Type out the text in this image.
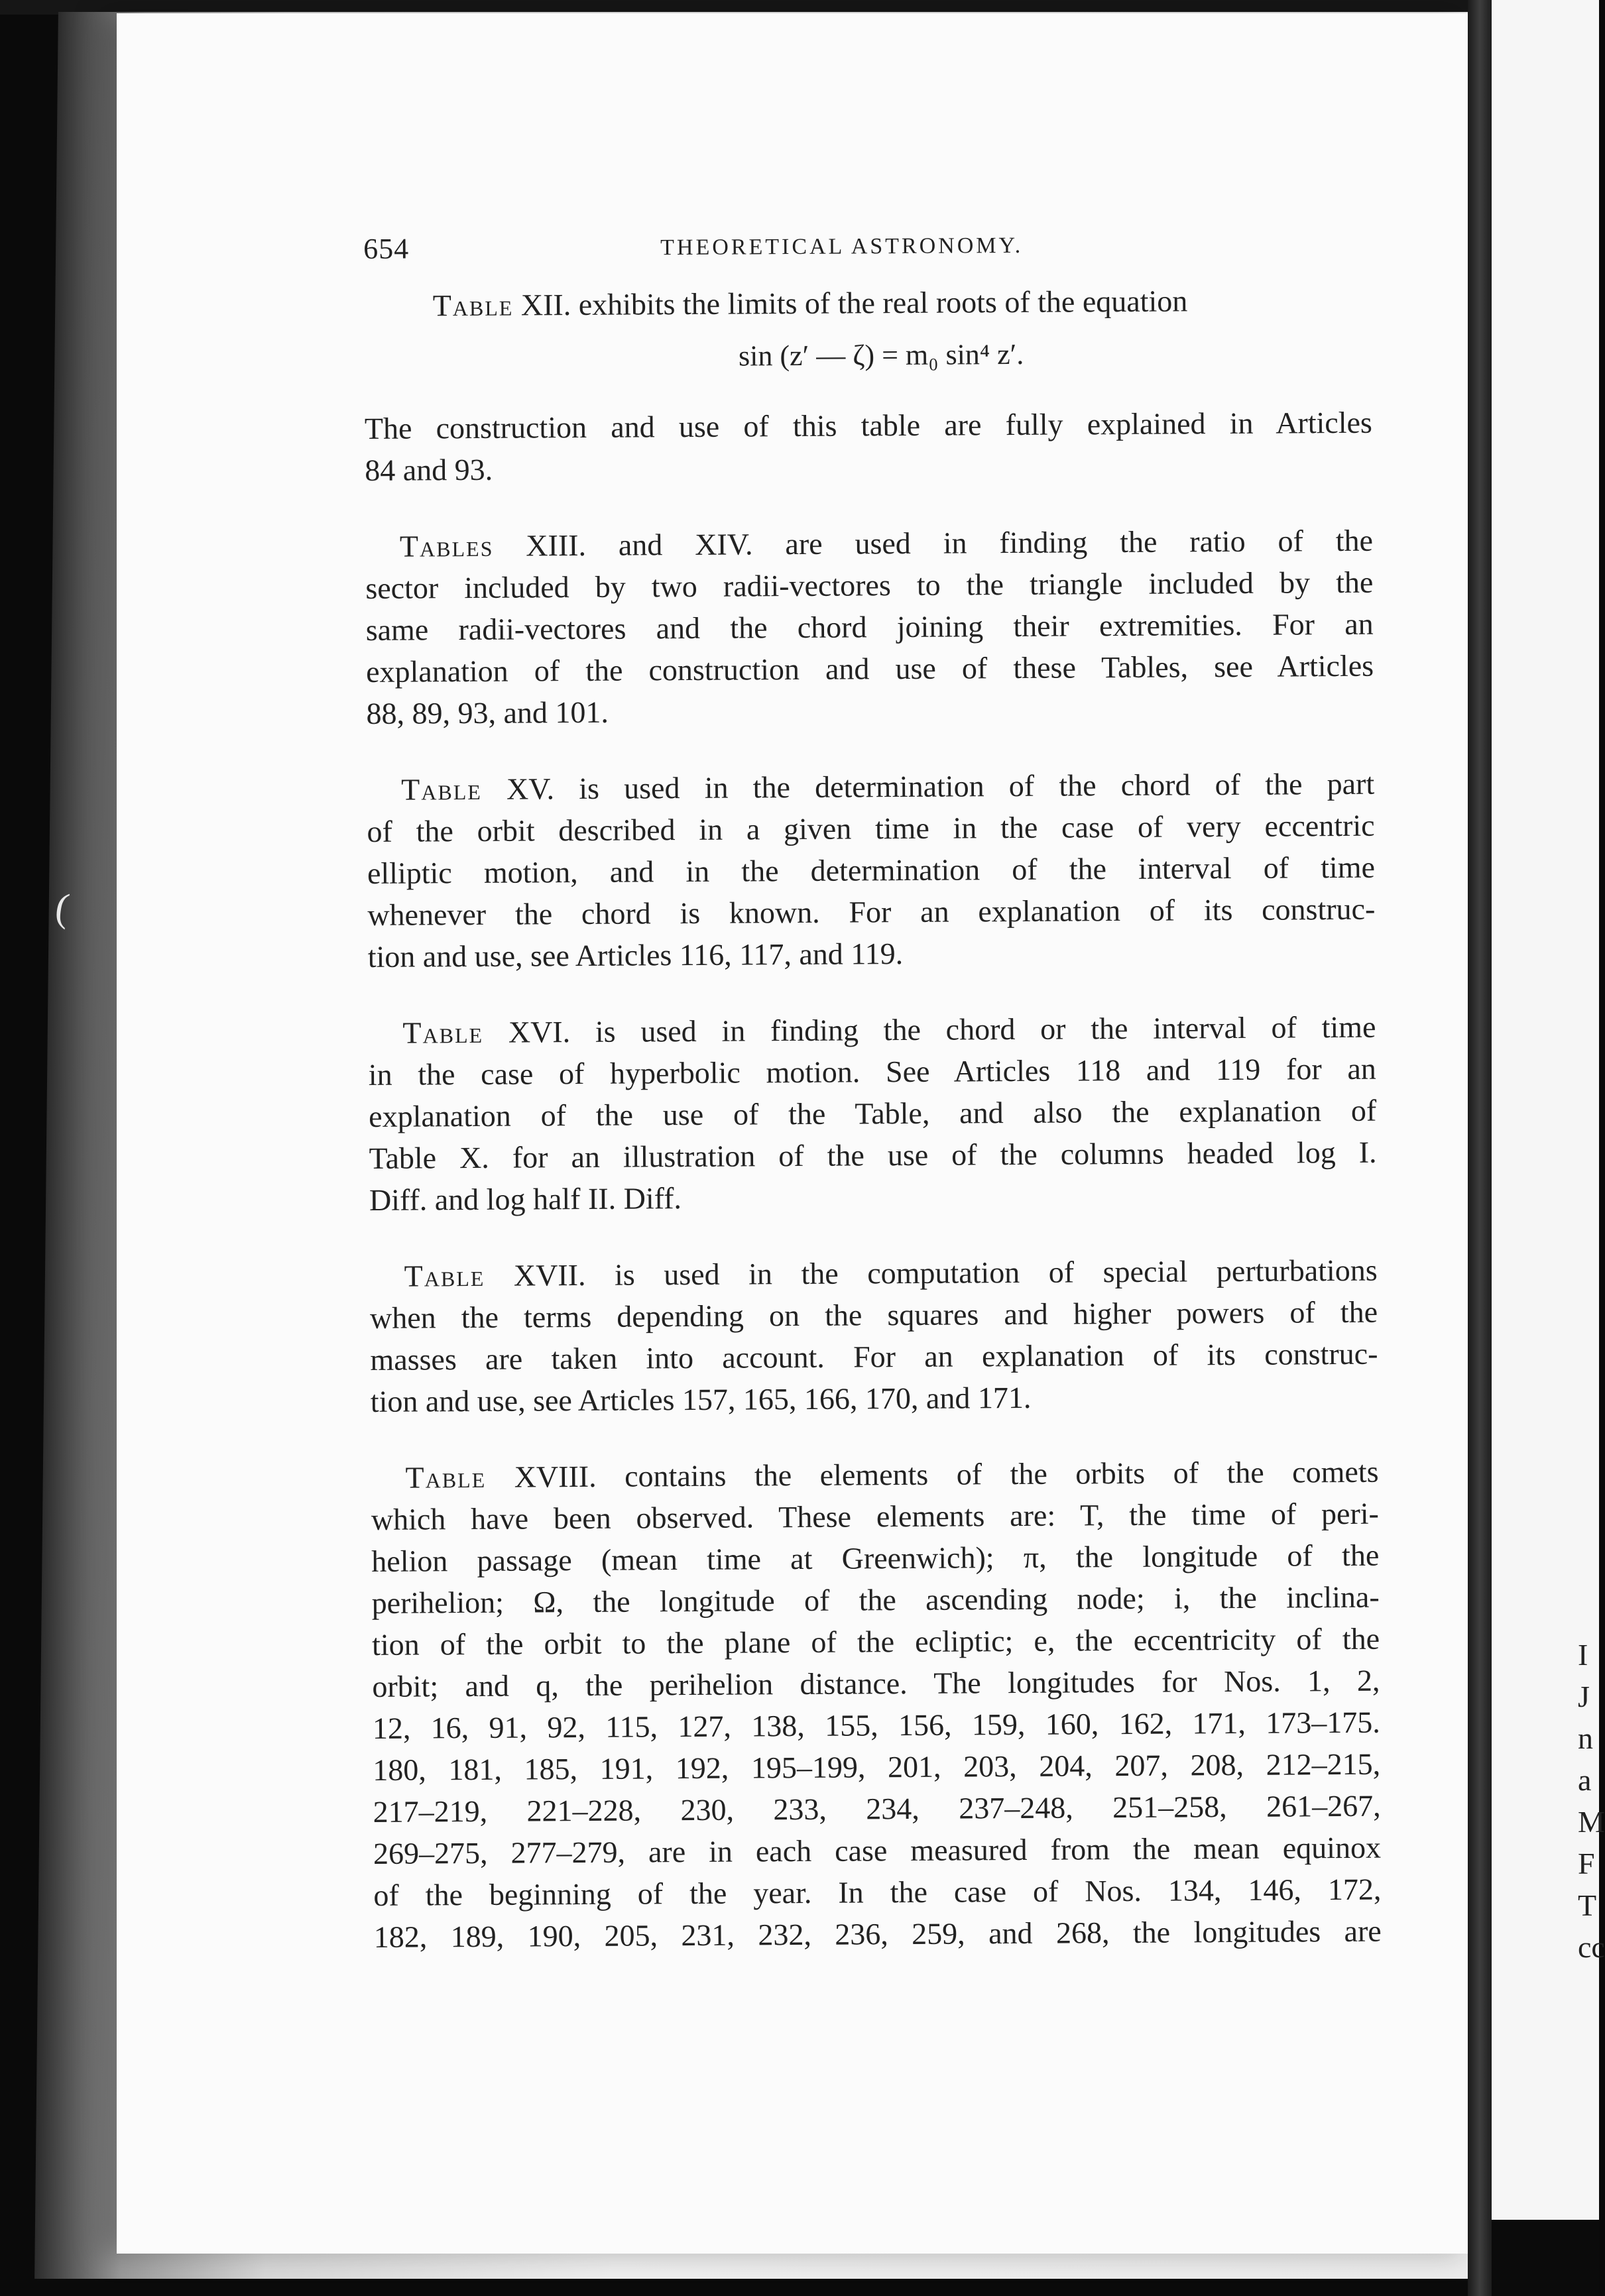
I
J
n
a
M
F
T
cc
(
654	THEORETICAL ASTRONOMY.
Table XII. exhibits the limits of the real roots of the equation
sin (z′ — ζ) = m₀ sin⁴ z′.
The construction and use of this table are fully explained in Articles
84 and 93.
Tables XIII. and XIV. are used in finding the ratio of the
sector included by two radii-vectores to the triangle included by the
same radii-vectores and the chord joining their extremities. For an
explanation of the construction and use of these Tables, see Articles
88, 89, 93, and 101.
Table XV. is used in the determination of the chord of the part
of the orbit described in a given time in the case of very eccentric
elliptic motion, and in the determination of the interval of time
whenever the chord is known. For an explanation of its construc-
tion and use, see Articles 116, 117, and 119.
Table XVI. is used in finding the chord or the interval of time
in the case of hyperbolic motion. See Articles 118 and 119 for an
explanation of the use of the Table, and also the explanation of
Table X. for an illustration of the use of the columns headed log I.
Diff. and log half II. Diff.
Table XVII. is used in the computation of special perturbations
when the terms depending on the squares and higher powers of the
masses are taken into account. For an explanation of its construc-
tion and use, see Articles 157, 165, 166, 170, and 171.
Table XVIII. contains the elements of the orbits of the comets
which have been observed. These elements are: T, the time of peri-
helion passage (mean time at Greenwich); π, the longitude of the
perihelion; Ω, the longitude of the ascending node; i, the inclina-
tion of the orbit to the plane of the ecliptic; e, the eccentricity of the
orbit; and q, the perihelion distance. The longitudes for Nos. 1, 2,
12, 16, 91, 92, 115, 127, 138, 155, 156, 159, 160, 162, 171, 173–175.
180, 181, 185, 191, 192, 195–199, 201, 203, 204, 207, 208, 212–215,
217–219, 221–228, 230, 233, 234, 237–248, 251–258, 261–267,
269–275, 277–279, are in each case measured from the mean equinox
of the beginning of the year. In the case of Nos. 134, 146, 172,
182, 189, 190, 205, 231, 232, 236, 259, and 268, the longitudes are
